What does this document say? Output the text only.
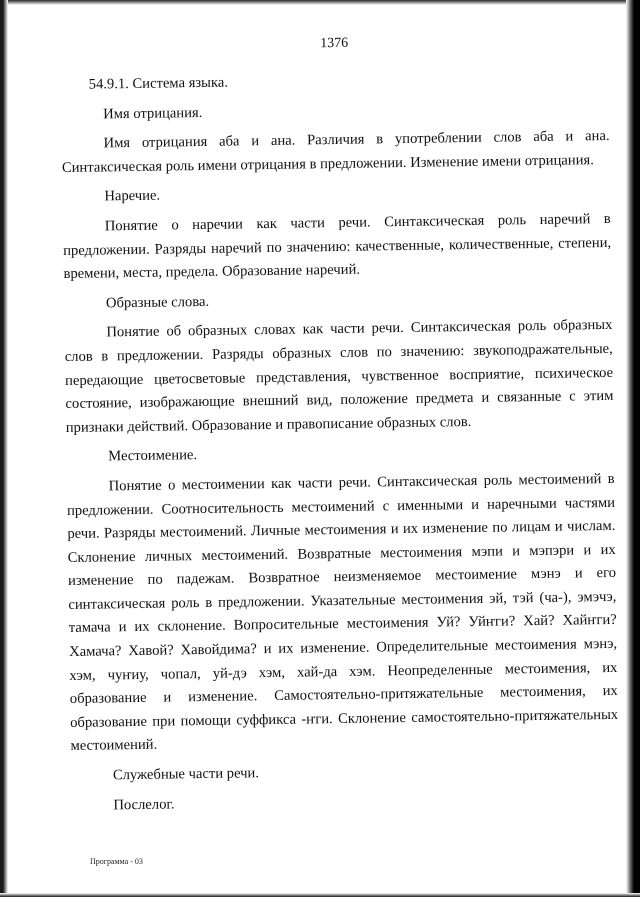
1376
54.9.1. Система языка.
Имя отрицания.
Имя отрицания аба и ана. Различия в употреблении слов аба и ана. Синтаксическая роль имени отрицания в предложении. Изменение имени отрицания.
Наречие.
Понятие о наречии как части речи. Синтаксическая роль наречий в предложении. Разряды наречий по значению: качественные, количественные, степени, времени, места, предела. Образование наречий.
Образные слова.
Понятие об образных словах как части речи. Синтаксическая роль образных слов в предложении. Разряды образных слов по значению: звукоподражательные, передающие цветосветовые представления, чувственное восприятие, психическое состояние, изображающие внешний вид, положение предмета и связанные с этим признаки действий. Образование и правописание образных слов.
Местоимение.
Понятие о местоимении как части речи. Синтаксическая роль местоимений в предложении. Соотносительность местоимений с именными и наречными частями речи. Разряды местоимений. Личные местоимения и их изменение по лицам и числам. Склонение личных местоимений. Возвратные местоимения мэпи и мэпэри и их изменение по падежам. Возвратное неизменяемое местоимение мэнэ и его синтаксическая роль в предложении. Указательные местоимения эй, тэй (ча-), эмэчэ, тамача и их склонение. Вопросительные местоимения Уй? Уйҥги? Хай? Хайҥги? Хамача? Хавой? Хавойдима? и их изменение. Определительные местоимения мэнэ, хэм, чуҥиу, чопал, уй-дэ хэм, хай-да хэм. Неопределенные местоимения, их образование и изменение. Самостоятельно-притяжательные местоимения, их образование при помощи суффикса -ҥги. Склонение самостоятельно-притяжательных местоимений.
Служебные части речи.
Послелог.
Программа - 03
